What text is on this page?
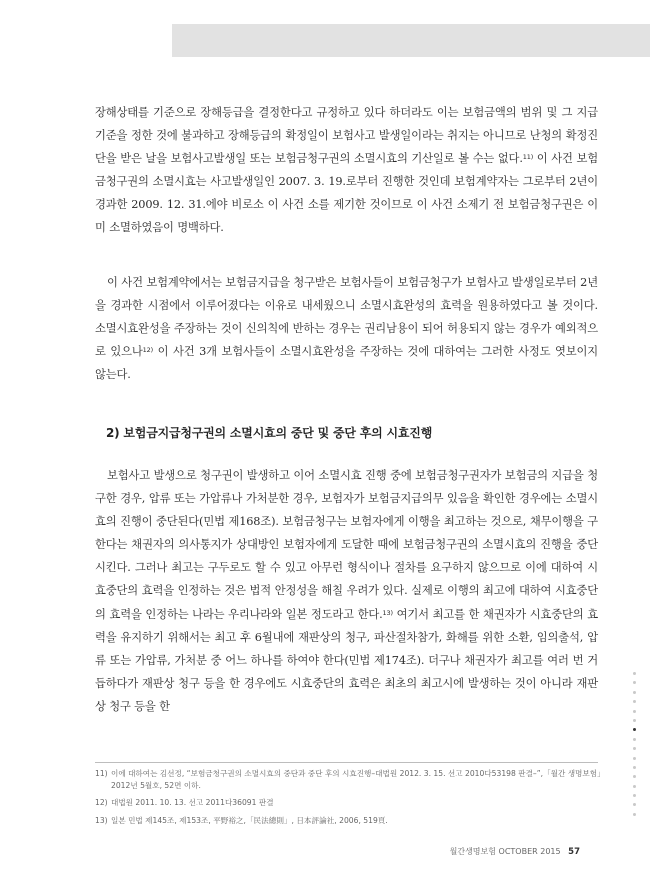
장해상태를 기준으로 장해등급을 결정한다고 규정하고 있다 하더라도 이는 보험금액의 범위 및 그 지급기준을 정한 것에 불과하고 장해등급의 확정일이 보험사고 발생일이라는 취지는 아니므로 난청의 확정진단을 받은 날을 보험사고발생일 또는 보험금청구권의 소멸시효의 기산일로 볼 수는 없다.$^{11)}$ 이 사건 보험금청구권의 소멸시효는 사고발생일인 2007. 3. 19.로부터 진행한 것인데 보험계약자는 그로부터 2년이 경과한 2009. 12. 31.에야 비로소 이 사건 소를 제기한 것이므로 이 사건 소제기 전 보험금청구권은 이미 소멸하였음이 명백하다.

이 사건 보험계약에서는 보험금지급을 청구받은 보험사들이 보험금청구가 보험사고 발생일로부터 2년을 경과한 시점에서 이루어졌다는 이유로 내세웠으니 소멸시효완성의 효력을 원용하였다고 볼 것이다. 소멸시효완성을 주장하는 것이 신의칙에 반하는 경우는 권리남용이 되어 허용되지 않는 경우가 예외적으로 있으나$^{12)}$ 이 사건 3개 보험사들이 소멸시효완성을 주장하는 것에 대하여는 그러한 사정도 엿보이지 않는다.

2) 보험금지급청구권의 소멸시효의 중단 및 중단 후의 시효진행

보험사고 발생으로 청구권이 발생하고 이어 소멸시효 진행 중에 보험금청구권자가 보험금의 지급을 청구한 경우, 압류 또는 가압류나 가처분한 경우, 보험자가 보험금지급의무 있음을 확인한 경우에는 소멸시효의 진행이 중단된다(민법 제168조). 보험금청구는 보험자에게 이행을 최고하는 것으로, 채무이행을 구한다는 채권자의 의사통지가 상대방인 보험자에게 도달한 때에 보험금청구권의 소멸시효의 진행을 중단시킨다. 그러나 최고는 구두로도 할 수 있고 아무런 형식이나 절차를 요구하지 않으므로 이에 대하여 시효중단의 효력을 인정하는 것은 법적 안정성을 해칠 우려가 있다. 실제로 이행의 최고에 대하여 시효중단의 효력을 인정하는 나라는 우리나라와 일본 정도라고 한다.$^{13)}$ 여기서 최고를 한 채권자가 시효중단의 효력을 유지하기 위해서는 최고 후 6월내에 재판상의 청구, 파산절차참가, 화해를 위한 소환, 임의출석, 압류 또는 가압류, 가처분 중 어느 하나를 하여야 한다(민법 제174조). 더구나 채권자가 최고를 여러 번 거듭하다가 재판상 청구 등을 한 경우에도 시효중단의 효력은 최초의 최고시에 발생하는 것이 아니라 재판상 청구 등을 한

11) 이에 대하여는 김선정, “보험금청구권의 소멸시효의 중단과 중단 후의 시효진행–대법원 2012. 3. 15. 선고 2010다53198 판결–”,「월간 생명보험」2012년 5월호, 52면 이하.
12) 대법원 2011. 10. 13. 선고 2011다36091 판결
13) 일본 민법 제145조, 제153조, 平野裕之,「民法總則」, 日本評論社, 2006, 519頁.
월간생명보험 OCTOBER 2015 57
